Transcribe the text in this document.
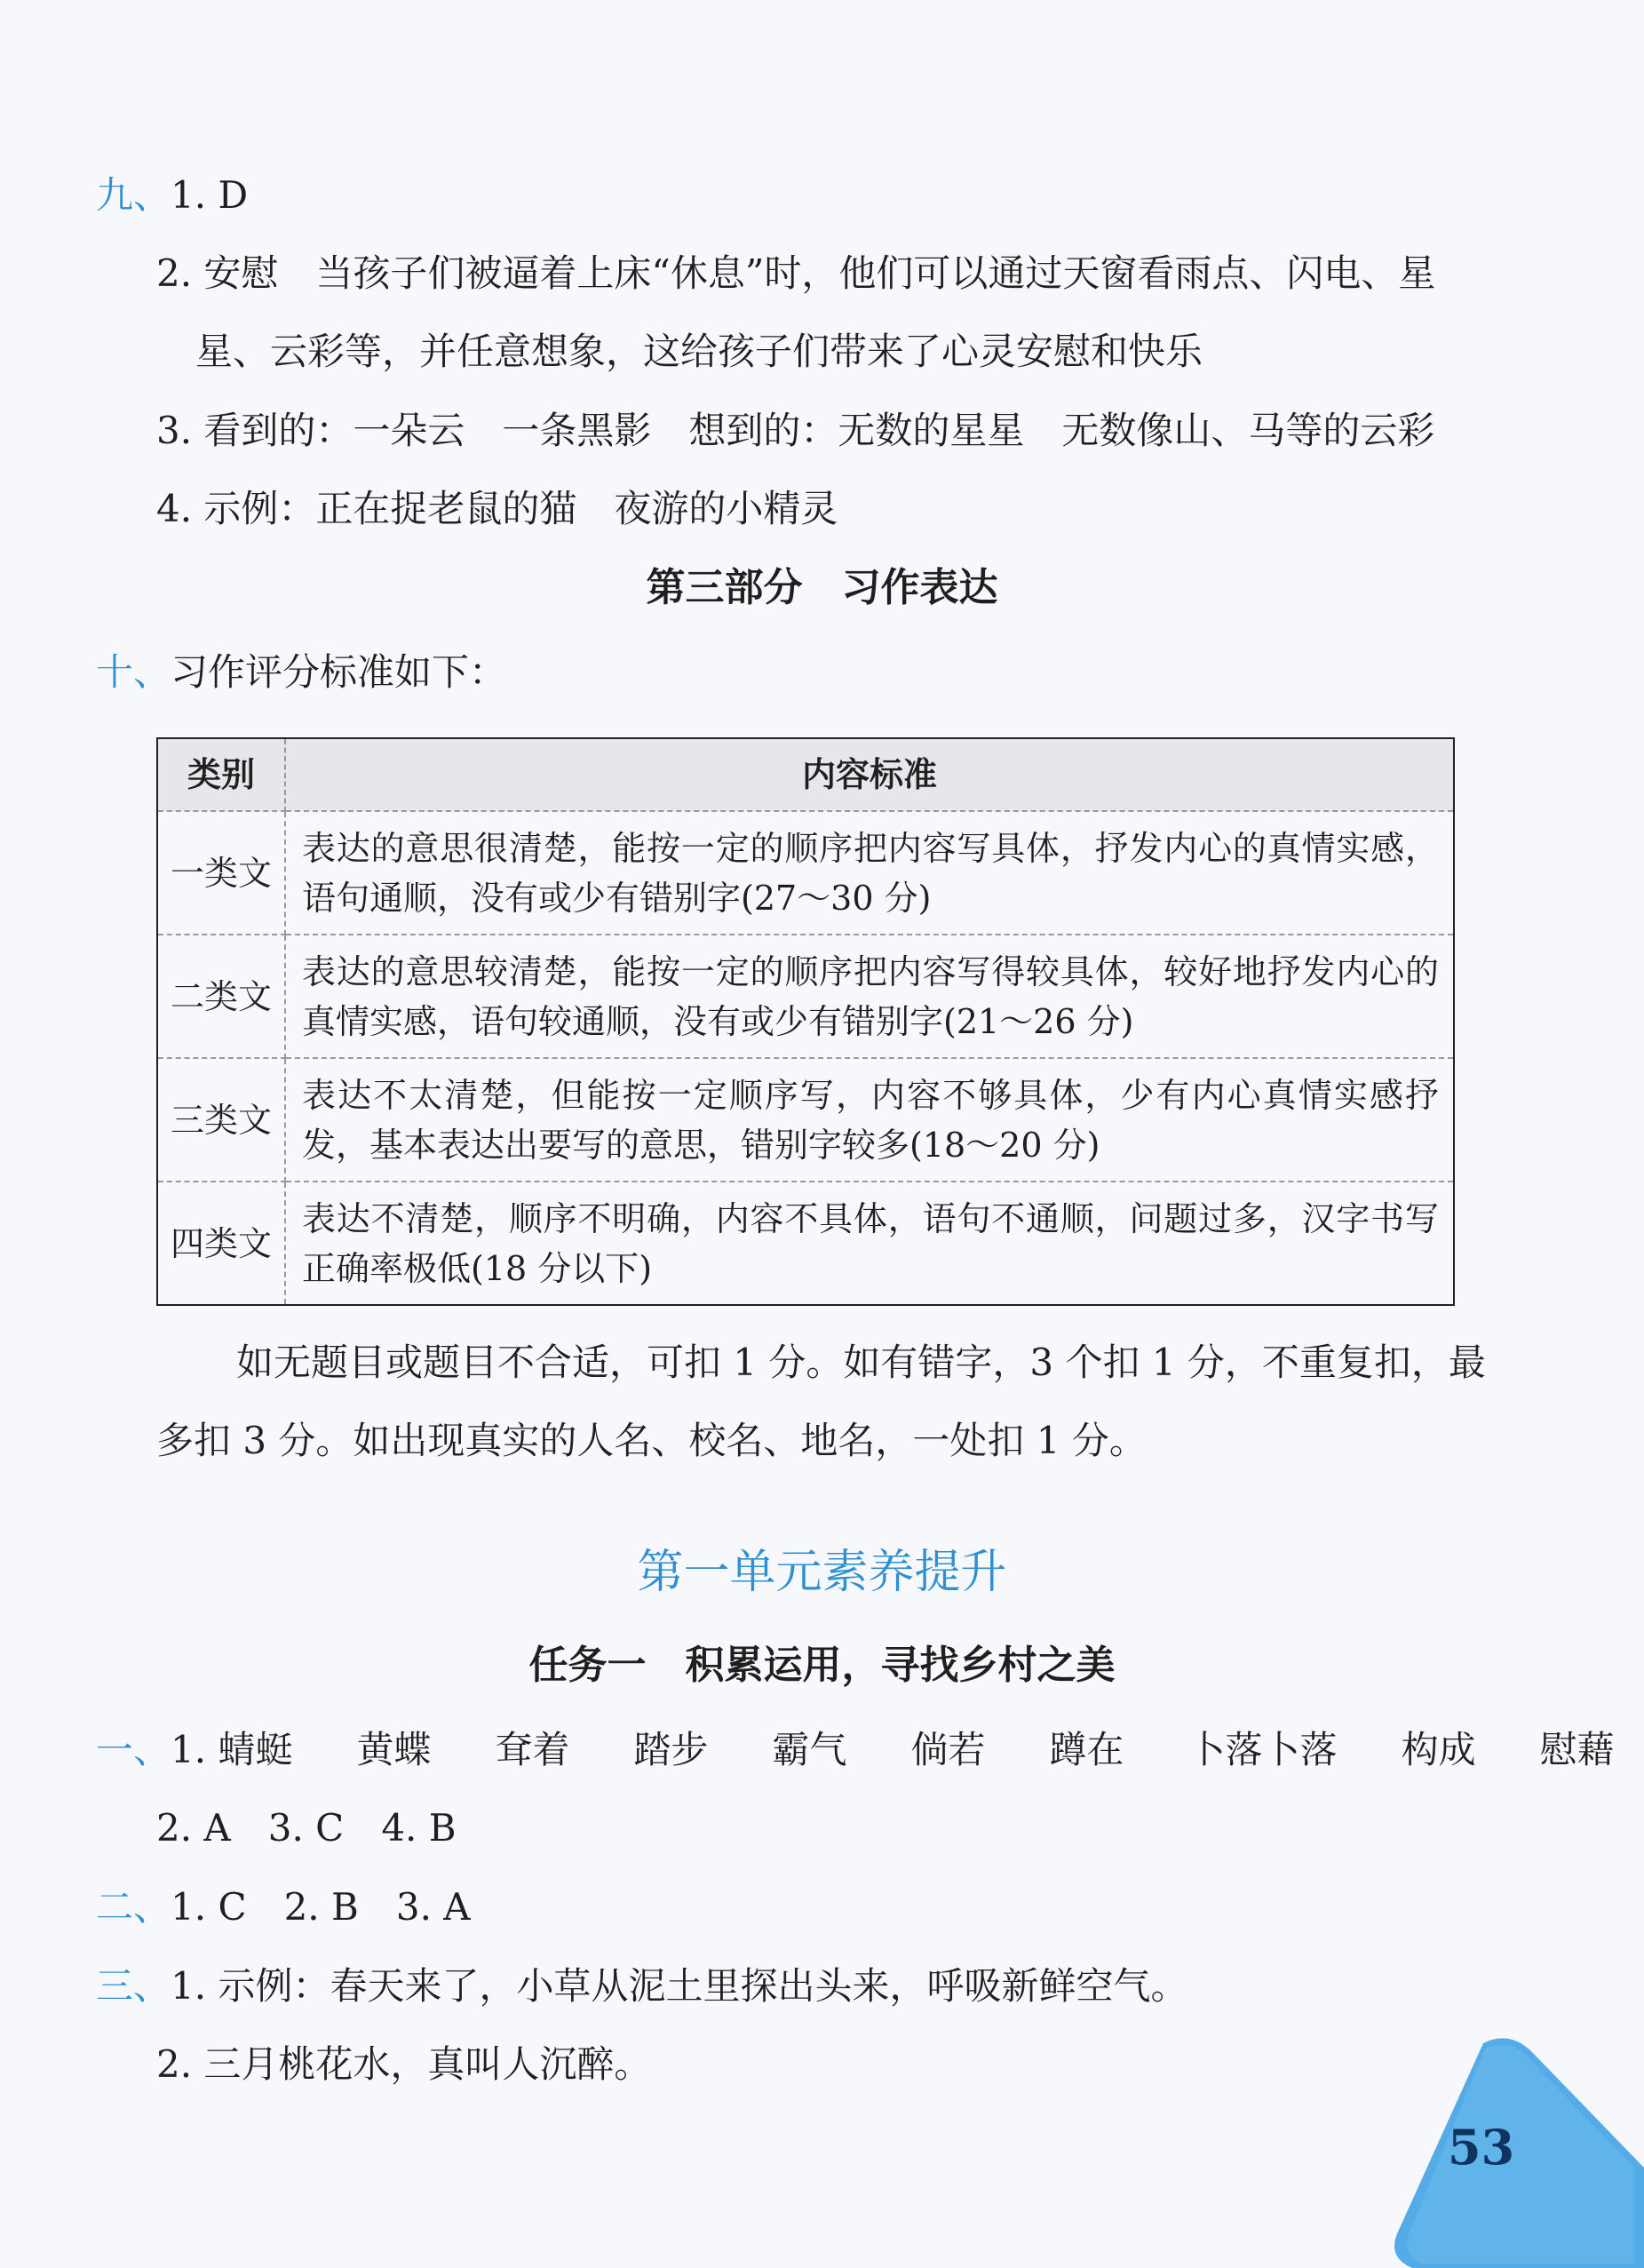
九、1. D
2. 安慰　当孩子们被逼着上床“休息”时，他们可以通过天窗看雨点、闪电、星
星、云彩等，并任意想象，这给孩子们带来了心灵安慰和快乐
3. 看到的：一朵云　一条黑影　想到的：无数的星星　无数像山、马等的云彩
4. 示例：正在捉老鼠的猫　夜游的小精灵
第三部分　习作表达
十、习作评分标准如下：
类别	内容标准
一类文	表达的意思很清楚，能按一定的顺序把内容写具体，抒发内心的真情实感，语句通顺，没有或少有错别字(27～30 分)
二类文	表达的意思较清楚，能按一定的顺序把内容写得较具体，较好地抒发内心的真情实感，语句较通顺，没有或少有错别字(21～26 分)
三类文	表达不太清楚，但能按一定顺序写，内容不够具体，少有内心真情实感抒发，基本表达出要写的意思，错别字较多(18～20 分)
四类文	表达不清楚，顺序不明确，内容不具体，语句不通顺，问题过多，汉字书写正确率极低(18 分以下)
如无题目或题目不合适，可扣 1 分。如有错字，3 个扣 1 分，不重复扣，最
多扣 3 分。如出现真实的人名、校名、地名，一处扣 1 分。
第一单元素养提升
任务一　积累运用，寻找乡村之美
一、1. 蜻蜓 黄蝶 耷着 踏步 霸气 倘若 蹲在 卜落卜落 构成 慰藉
2. A　3. C　4. B
二、1. C　2. B　3. A
三、1. 示例：春天来了，小草从泥土里探出头来，呼吸新鲜空气。
2. 三月桃花水，真叫人沉醉。
53
